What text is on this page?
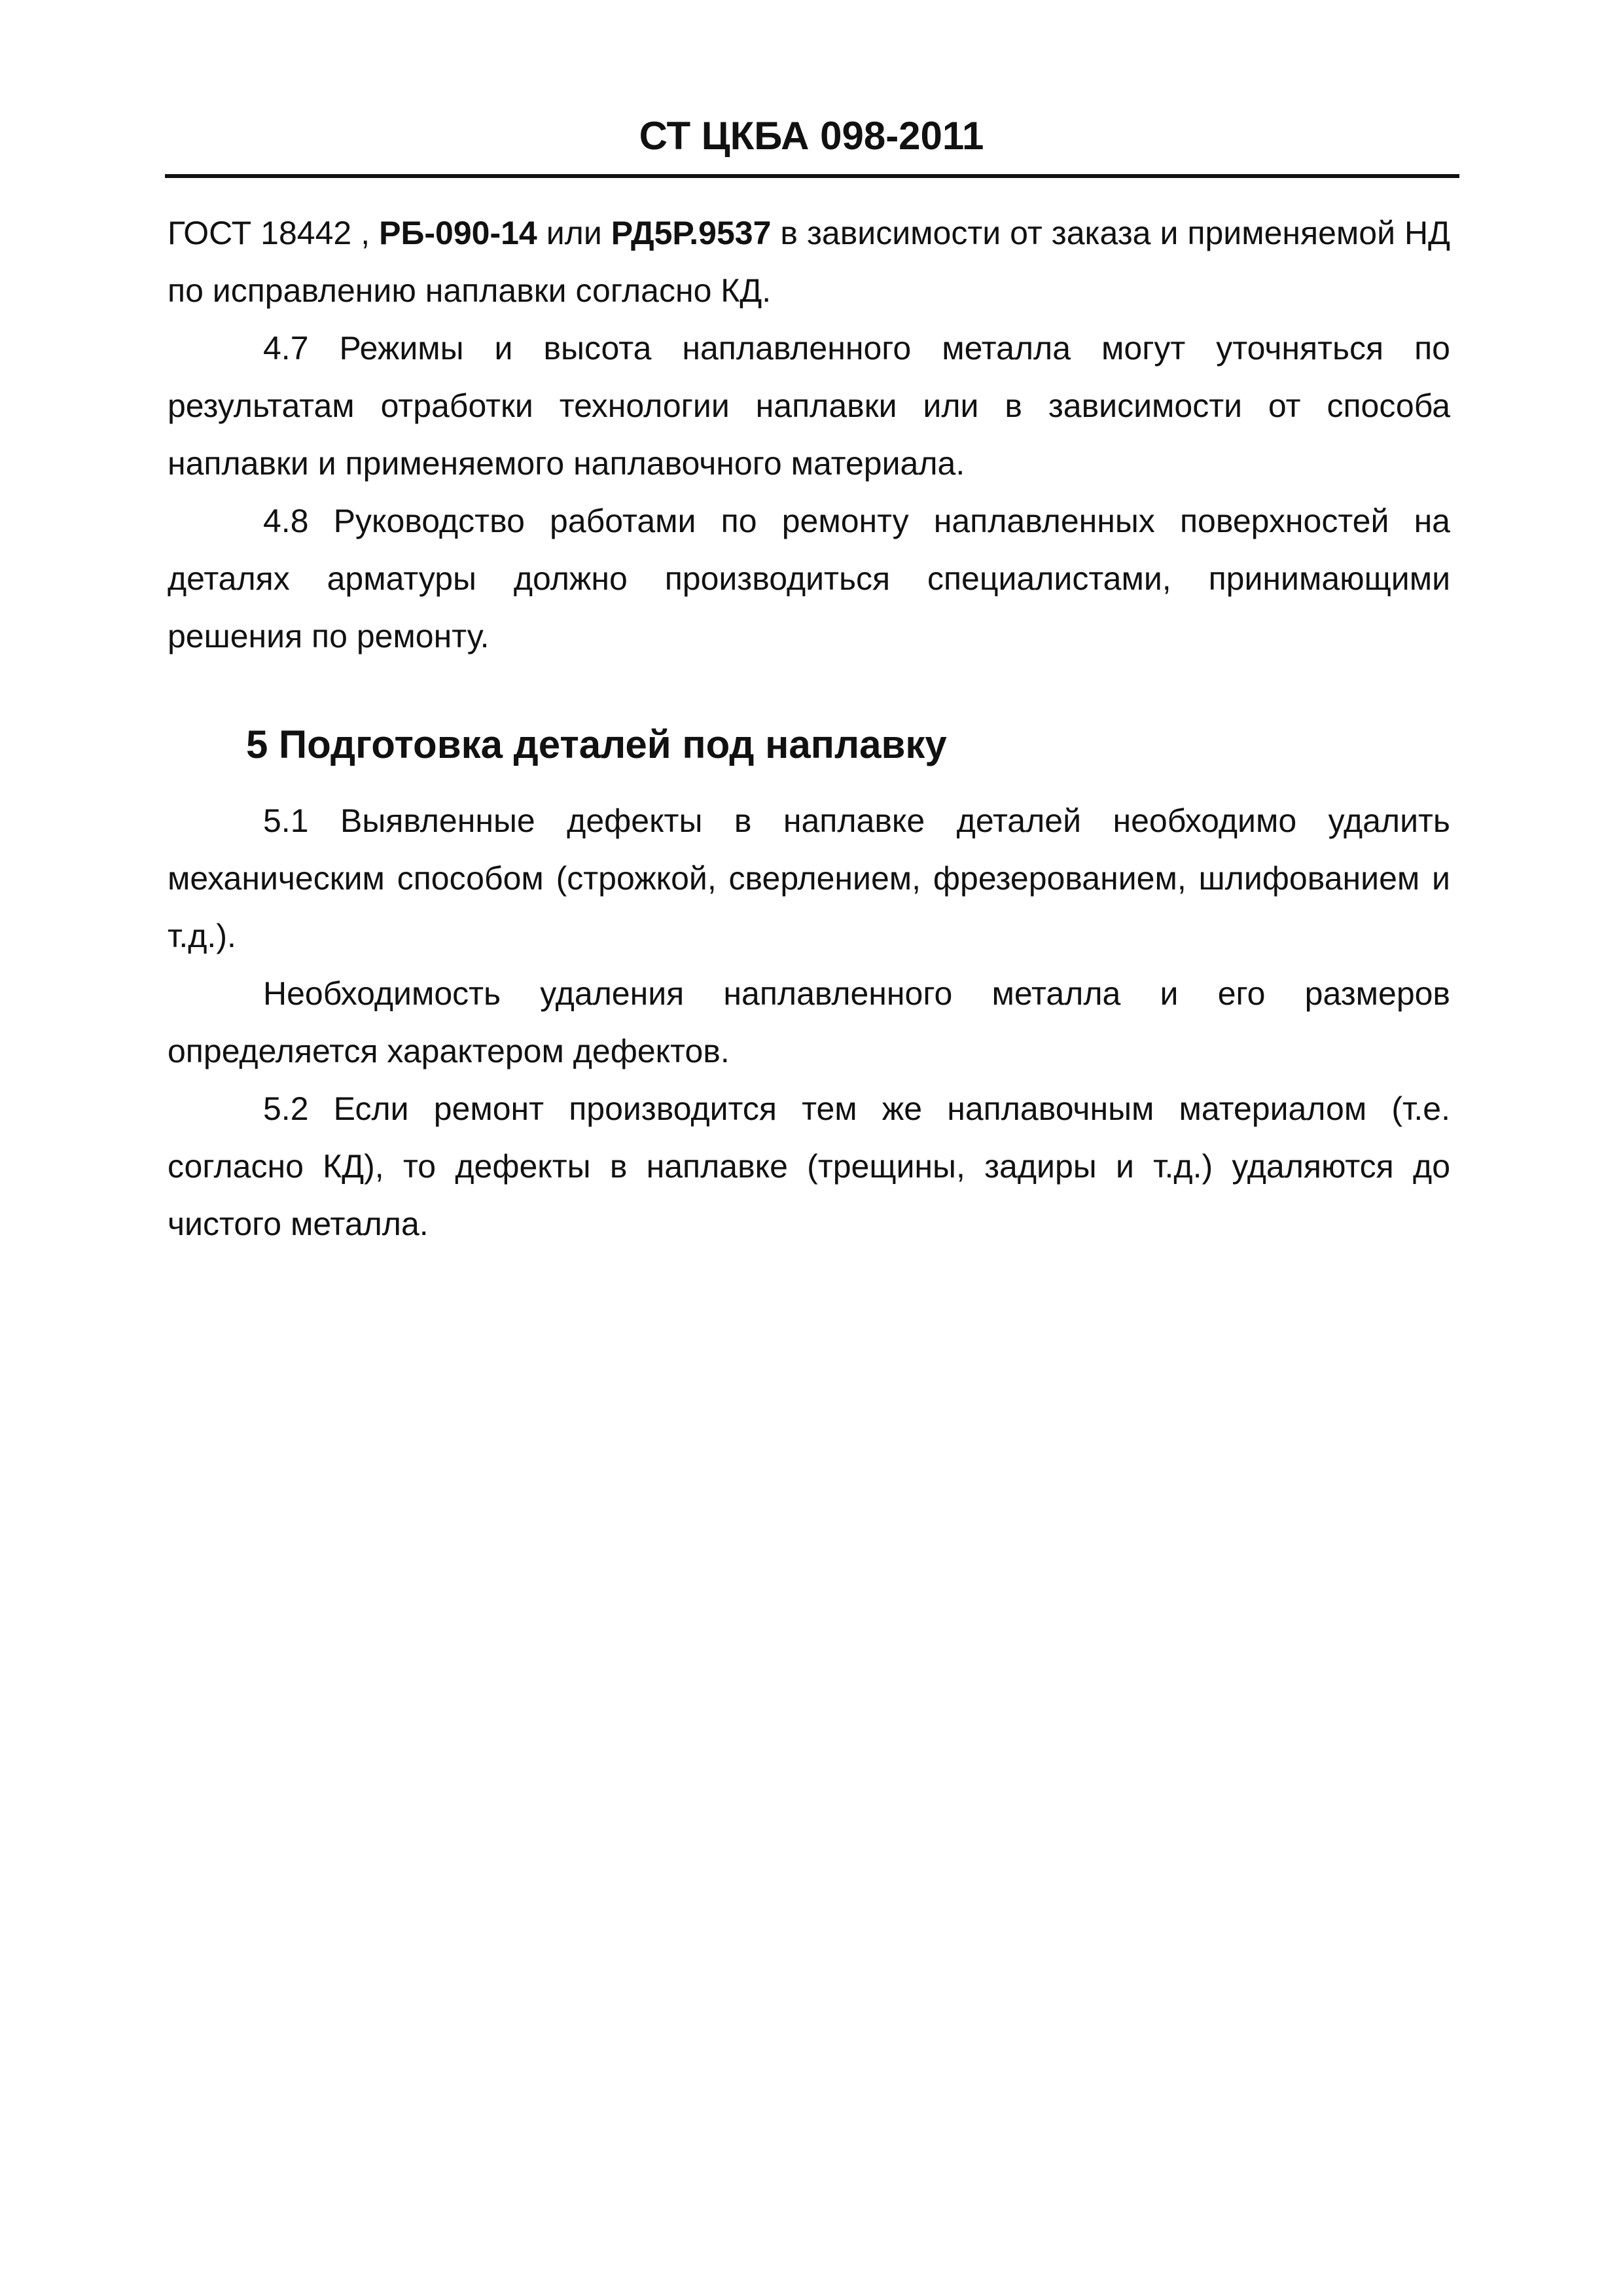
СТ ЦКБА 098-2011

ГОСТ 18442 , РБ-090-14 или РД5Р.9537 в зависимости от заказа и применяемой НД по исправлению наплавки согласно КД.

4.7 Режимы и высота наплавленного металла могут уточняться по результатам отработки технологии наплавки или в зависимости от способа наплавки и применяемого наплавочного материала.

4.8 Руководство работами по ремонту наплавленных поверхностей на деталях арматуры должно производиться специалистами, принимающими решения по ремонту.

5 Подготовка деталей под наплавку

5.1 Выявленные дефекты в наплавке деталей необходимо удалить механическим способом (строжкой, сверлением, фрезерованием, шлифованием и т.д.).

Необходимость удаления наплавленного металла и его размеров определяется характером дефектов.

5.2 Если ремонт производится тем же наплавочным материалом (т.е. согласно КД), то дефекты в наплавке (трещины, задиры и т.д.) удаляются до чистого металла.
